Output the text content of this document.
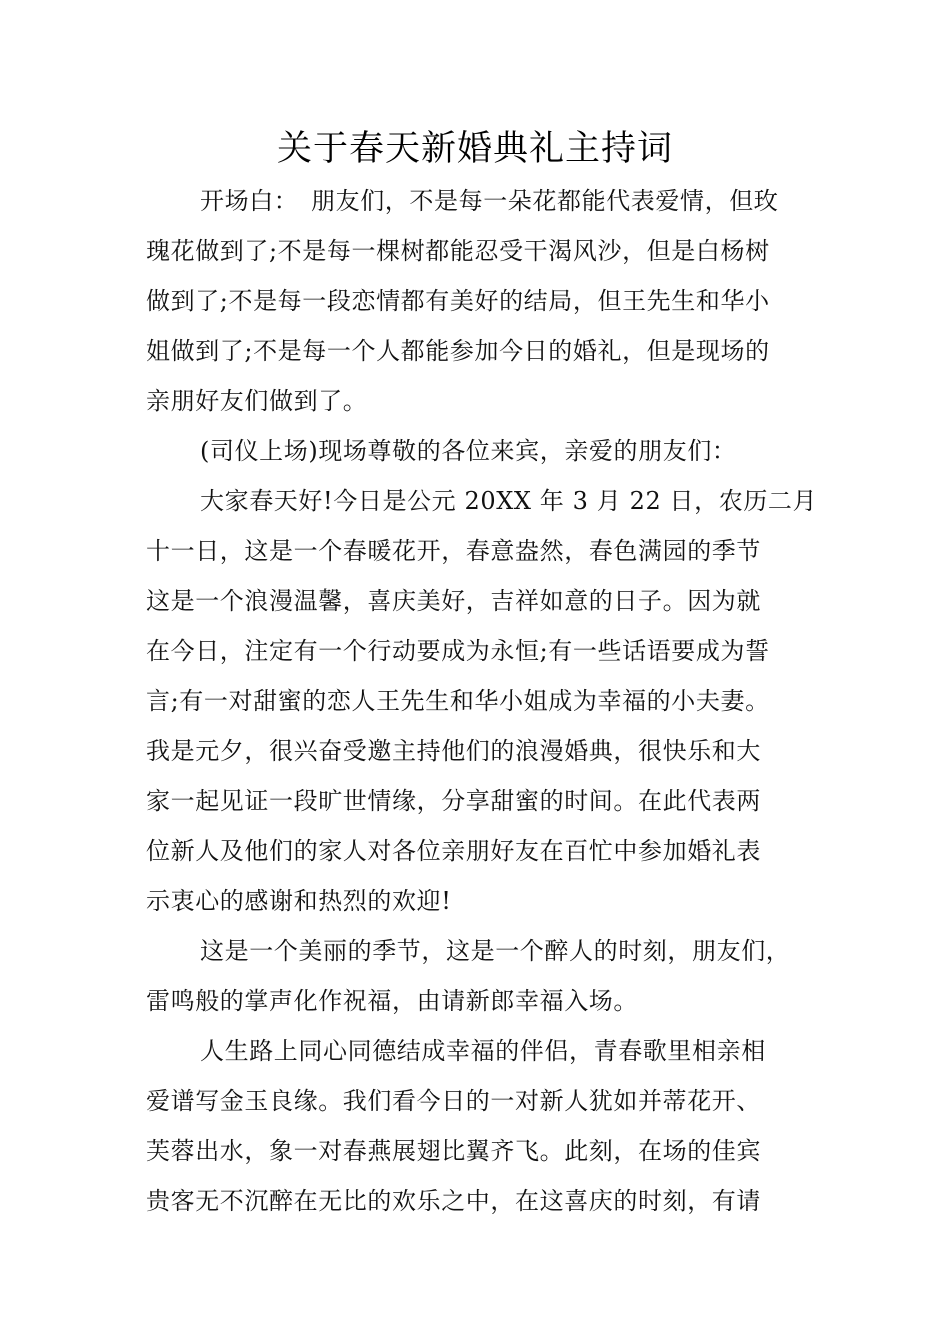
关于春天新婚典礼主持词
开场白：　朋友们，不是每一朵花都能代表爱情，但玫
瑰花做到了;不是每一棵树都能忍受干渴风沙，但是白杨树
做到了;不是每一段恋情都有美好的结局，但王先生和华小
姐做到了;不是每一个人都能参加今日的婚礼，但是现场的
亲朋好友们做到了。
(司仪上场)现场尊敬的各位来宾，亲爱的朋友们：
大家春天好!今日是公元 20XX 年 3 月 22 日，农历二月
十一日，这是一个春暖花开，春意盎然，春色满园的季节
这是一个浪漫温馨，喜庆美好，吉祥如意的日子。因为就
在今日，注定有一个行动要成为永恒;有一些话语要成为誓
言;有一对甜蜜的恋人王先生和华小姐成为幸福的小夫妻。
我是元夕，很兴奋受邀主持他们的浪漫婚典，很快乐和大
家一起见证一段旷世情缘，分享甜蜜的时间。在此代表两
位新人及他们的家人对各位亲朋好友在百忙中参加婚礼表
示衷心的感谢和热烈的欢迎!
这是一个美丽的季节，这是一个醉人的时刻，朋友们，
雷鸣般的掌声化作祝福，由请新郎幸福入场。
人生路上同心同德结成幸福的伴侣，青春歌里相亲相
爱谱写金玉良缘。我们看今日的一对新人犹如并蒂花开、
芙蓉出水，象一对春燕展翅比翼齐飞。此刻，在场的佳宾
贵客无不沉醉在无比的欢乐之中，在这喜庆的时刻，有请
